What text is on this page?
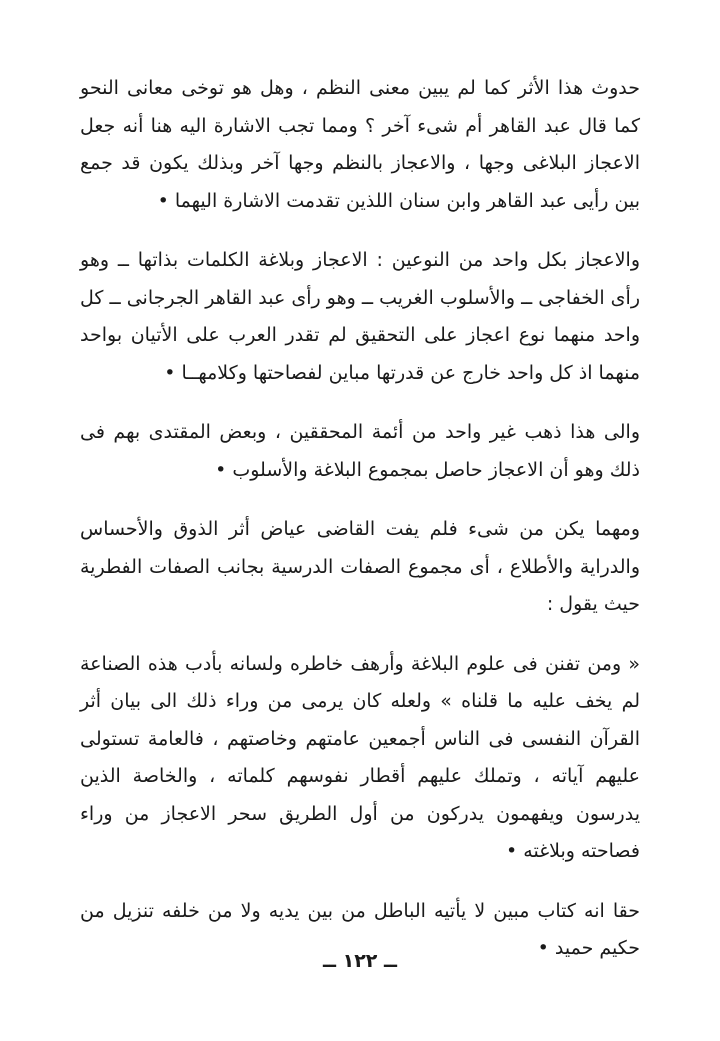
حدوث هذا الأثر كما لم يبين معنى النظم ، وهل هو توخى معانى النحو كما قال عبد القاهر أم شىء آخر ؟ ومما تجب الاشارة اليه هنا أنه جعل الاعجاز البلاغى وجها ، والاعجاز بالنظم وجها آخر وبذلك يكون قد جمع بين رأيى عبد القاهر وابن سنان اللذين تقدمت الاشارة اليهما •

والاعجاز بكل واحد من النوعين : الاعجاز وبلاغة الكلمات بذاتها ــ وهو رأى الخفاجى ــ والأسلوب الغريب ــ وهو رأى عبد القاهر الجرجانى ــ كل واحد منهما نوع اعجاز على التحقيق لم تقدر العرب على الأتيان بواحد منهما اذ كل واحد خارج عن قدرتها مباين لفصاحتها وكلامهــا •

والى هذا ذهب غير واحد من أئمة المحققين ، وبعض المقتدى بهم فى ذلك وهو أن الاعجاز حاصل بمجموع البلاغة والأسلوب •

ومهما يكن من شىء فلم يفت القاضى عياض أثر الذوق والأحساس والدراية والأطلاع ، أى مجموع الصفات الدرسية بجانب الصفات الفطرية حيث يقول :

« ومن تفنن فى علوم البلاغة وأرهف خاطره ولسانه بأدب هذه الصناعة لم يخف عليه ما قلناه » ولعله كان يرمى من وراء ذلك الى بيان أثر القرآن النفسى فى الناس أجمعين عامتهم وخاصتهم ، فالعامة تستولى عليهم آياته ، وتملك عليهم أقطار نفوسهم كلماته ، والخاصة الذين يدرسون ويفهمون يدركون من أول الطريق سحر الاعجاز من وراء فصاحته وبلاغته •

حقا انه كتاب مبين لا يأتيه الباطل من بين يديه ولا من خلفه تنزيل من حكيم حميد •

ــ ١٢٢ ــ
